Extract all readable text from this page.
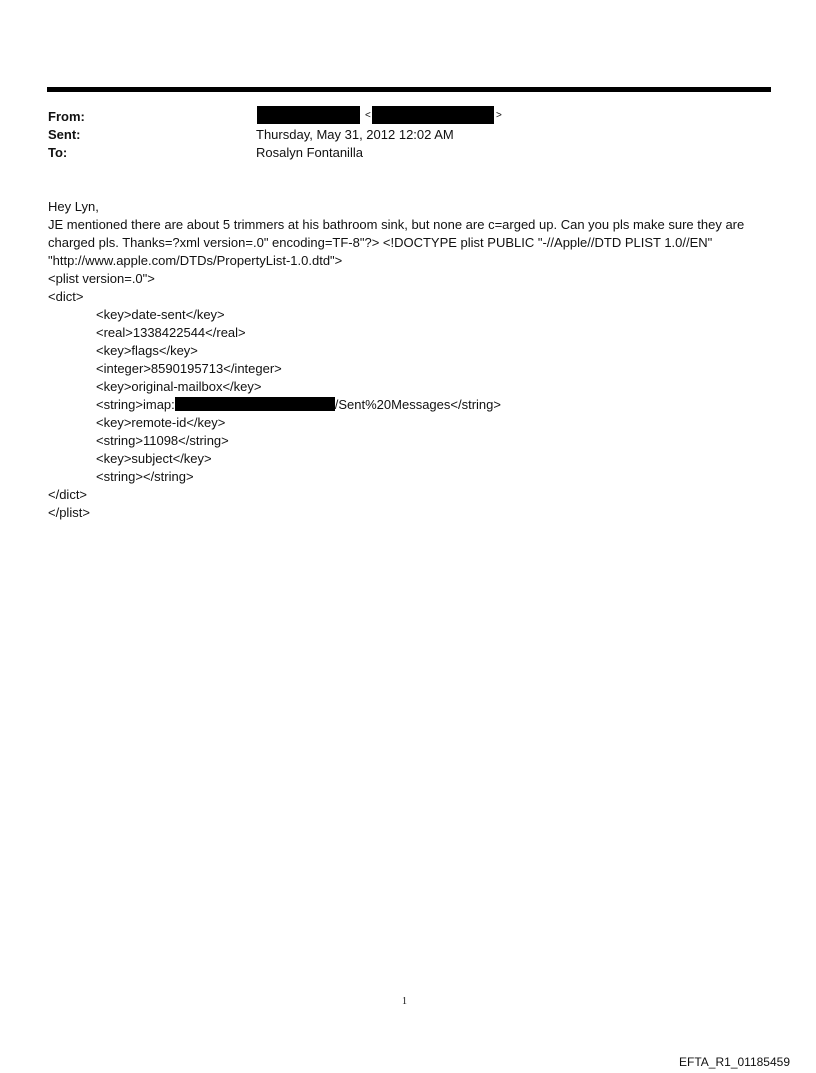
From:
Sent:
To:
<	>
Thursday, May 31, 2012 12:02 AM
Rosalyn Fontanilla
Hey Lyn,
JE mentioned there are about 5 trimmers at his bathroom sink, but none are c=arged up. Can you pls make sure they are charged pls. Thanks=?xml version=.0" encoding=TF-8"?> <!DOCTYPE plist PUBLIC "-//Apple//DTD PLIST 1.0//EN" "http://www.apple.com/DTDs/PropertyList-1.0.dtd">
<plist version=.0">
<dict>
<key>date-sent</key>
<real>1338422544</real>
<key>flags</key>
<integer>8590195713</integer>
<key>original-mailbox</key>
<string>imap:	/Sent%20Messages</string>
<key>remote-id</key>
<string>11098</string>
<key>subject</key>
<string></string>
</dict>
</plist>
1
EFTA_R1_01185459
